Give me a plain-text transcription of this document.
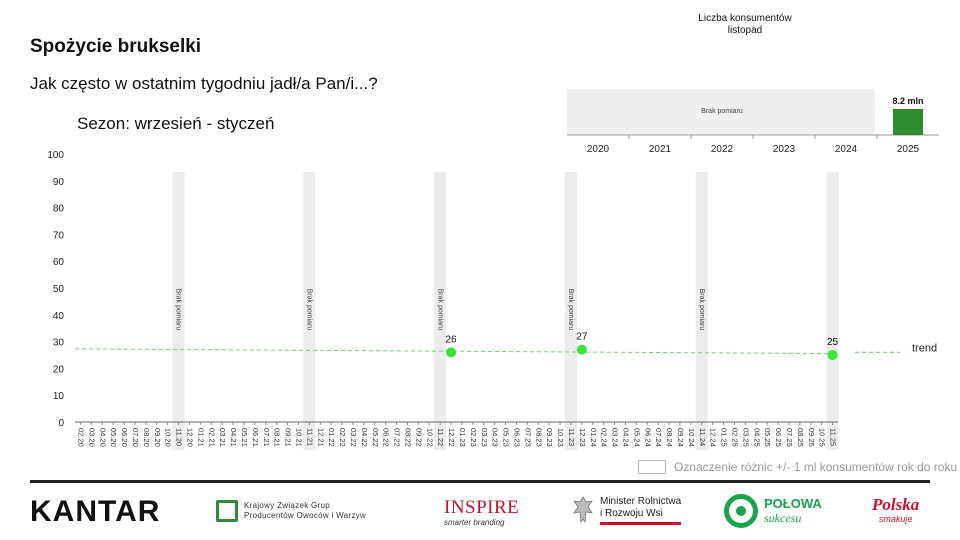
Spożycie brukselki
Jak często w ostatnim tygodniu jadł/a Pan/i...?
Sezon: wrzesień - styczeń
Liczba konsumentów
listopad
Brak pomiaru
2020	2021	2022	2023	2024	2025
8.2 mln
Brak pomiaru	Brak pomiaru	Brak pomiaru	Brak pomiaru	Brak pomiaru
0
10
20
30
40
50
60
70
80
90
100
02.20 03.20 04.20 05.20 06.20 07.20 08.20 09.20 10.20 11.20 12.20 01.21 02.21 03.21 04.21 05.21 06.21 07.21 08.21 09.21 10.21 11.21 12.21 01.22 02.22 03.22 04.22 05.22 06.22 07.22 08.22 09.22 10.22 11.22 12.22 01.23 02.23 03.23 04.23 05.23 06.23 07.23 08.23 09.23 10.23 11.23 12.23 01.24 02.24 03.24 04.24 05.24 06.24 07.24 08.24 09.24 10.24 11.24 12.24 01.25 02.25 03.25 04.25 05.25 06.25 07.25 08.25 09.25 10.25 11.25
trend
26	27	25
Oznaczenie różnic +/- 1 ml konsumentów rok do roku
KANTAR	Krajowy Związek Grup
Producentów Owoców i Warzyw	INSPIRE
smarter branding
Minister Rolnictwa
i Rozwoju Wsi
POŁOWA
sukcesu
Polska
smakuje
